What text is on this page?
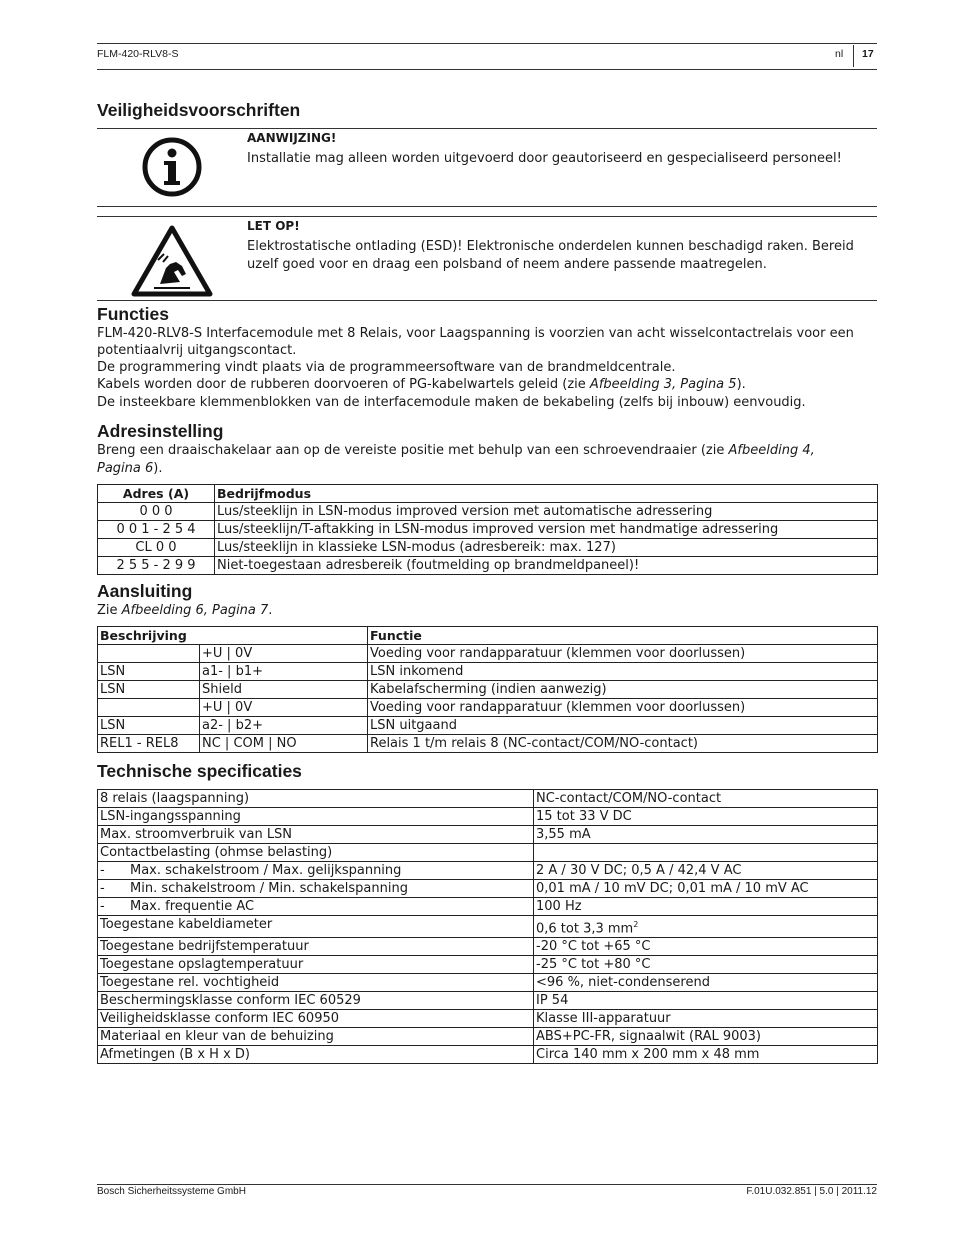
FLM-420-RLV8-S	nl 17
Veiligheidsvoorschriften
AANWIJZING!
Installatie mag alleen worden uitgevoerd door geautoriseerd en gespecialiseerd personeel!
LET OP!
Elektrostatische ontlading (ESD)! Elektronische onderdelen kunnen beschadigd raken. Bereid
uzelf goed voor en draag een polsband of neem andere passende maatregelen.
Functies
FLM-420-RLV8-S Interfacemodule met 8 Relais, voor Laagspanning is voorzien van acht wisselcontactrelais voor een
potentiaalvrij uitgangscontact.
De programmering vindt plaats via de programmeersoftware van de brandmeldcentrale.
Kabels worden door de rubberen doorvoeren of PG-kabelwartels geleid (zie Afbeelding 3, Pagina 5).
De insteekbare klemmenblokken van de interfacemodule maken de bekabeling (zelfs bij inbouw) eenvoudig.
Adresinstelling
Breng een draaischakelaar aan op de vereiste positie met behulp van een schroevendraaier (zie Afbeelding 4,
Pagina 6).
Adres (A)	Bedrijfmodus
0 0 0	Lus/steeklijn in LSN-modus improved version met automatische adressering
0 0 1 - 2 5 4	Lus/steeklijn/T-aftakking in LSN-modus improved version met handmatige adressering
CL 0 0	Lus/steeklijn in klassieke LSN-modus (adresbereik: max. 127)
2 5 5 - 2 9 9	Niet-toegestaan adresbereik (foutmelding op brandmeldpaneel)!
Aansluiting
Zie Afbeelding 6, Pagina 7.
Beschrijving		Functie
	+U | 0V	Voeding voor randapparatuur (klemmen voor doorlussen)
LSN	a1- | b1+	LSN inkomend
LSN	Shield	Kabelafscherming (indien aanwezig)
	+U | 0V	Voeding voor randapparatuur (klemmen voor doorlussen)
LSN	a2- | b2+	LSN uitgaand
REL1 - REL8	NC | COM | NO	Relais 1 t/m relais 8 (NC-contact/COM/NO-contact)
Technische specificaties
8 relais (laagspanning)	NC-contact/COM/NO-contact
LSN-ingangsspanning	15 tot 33 V DC
Max. stroomverbruik van LSN	3,55 mA
Contactbelasting (ohmse belasting)	
- Max. schakelstroom / Max. gelijkspanning	2 A / 30 V DC; 0,5 A / 42,4 V AC
- Min. schakelstroom / Min. schakelspanning	0,01 mA / 10 mV DC; 0,01 mA / 10 mV AC
- Max. frequentie AC	100 Hz
Toegestane kabeldiameter	0,6 tot 3,3 $mm^2$
Toegestane bedrijfstemperatuur	-20 °C tot +65 °C
Toegestane opslagtemperatuur	-25 °C tot +80 °C
Toegestane rel. vochtigheid	<96 %, niet-condenserend
Beschermingsklasse conform IEC 60529	IP 54
Veiligheidsklasse conform IEC 60950	Klasse III-apparatuur
Materiaal en kleur van de behuizing	ABS+PC-FR, signaalwit (RAL 9003)
Afmetingen (B x H x D)	Circa 140 mm x 200 mm x 48 mm
Bosch Sicherheitssysteme GmbH	F.01U.032.851 | 5.0 | 2011.12
